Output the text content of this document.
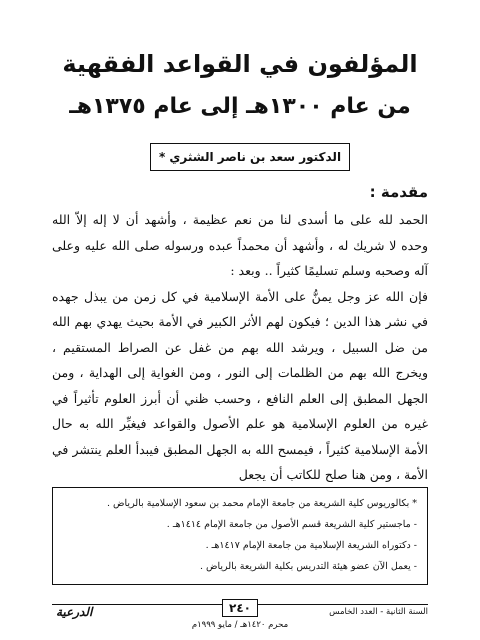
المؤلفون في القواعد الفقهية
من عام ١٣٠٠هـ إلى عام ١٣٧٥هـ
الدكتور سعد بن ناصر الشثري *
مقدمة :

الحمد لله على ما أسدى لنا من نعم عظيمة ، وأشهد أن لا إله إلاّ الله وحده لا شريك له ، وأشهد أن محمداً عبده ورسوله صلى الله عليه وعلى آله وصحبه وسلم تسليمًا كثيراً .. وبعد :

فإن الله عز وجل يمنُّ على الأمة الإسلامية في كل زمن من يبذل جهده في نشر هذا الدين ؛ فيكون لهم الأثر الكبير في الأمة بحيث يهدي بهم الله من ضل السبيل ، ويرشد الله بهم من غفل عن الصراط المستقيم ، ويخرج الله بهم من الظلمات إلى النور ، ومن الغواية إلى الهداية ، ومن الجهل المطبق إلى العلم النافع ، وحسب ظني أن أبرز العلوم تأثيراً في غيره من العلوم الإسلامية هو علم الأصول والقواعد فيغيِّر الله به حال الأمة الإسلامية كثيراً ، فيمسح الله به الجهل المطبق فيبدأ العلم ينتشر في الأمة ، ومن هنا صلح للكاتب أن يجعل

* بكالوريوس كلية الشريعة من جامعة الإمام محمد بن سعود الإسلامية بالرياض .
- ماجستير كلية الشريعة قسم الأصول من جامعة الإمام ١٤١٤هـ .
- دكتوراه الشريعة الإسلامية من جامعة الإمام ١٤١٧هـ .
- يعمل الآن عضو هيئة التدريس بكلية الشريعة بالرياض .
السنة الثانية - العدد الخامس
٢٤٠
محرم ١٤٢٠هـ / مايو ١٩٩٩م
الدرعية
